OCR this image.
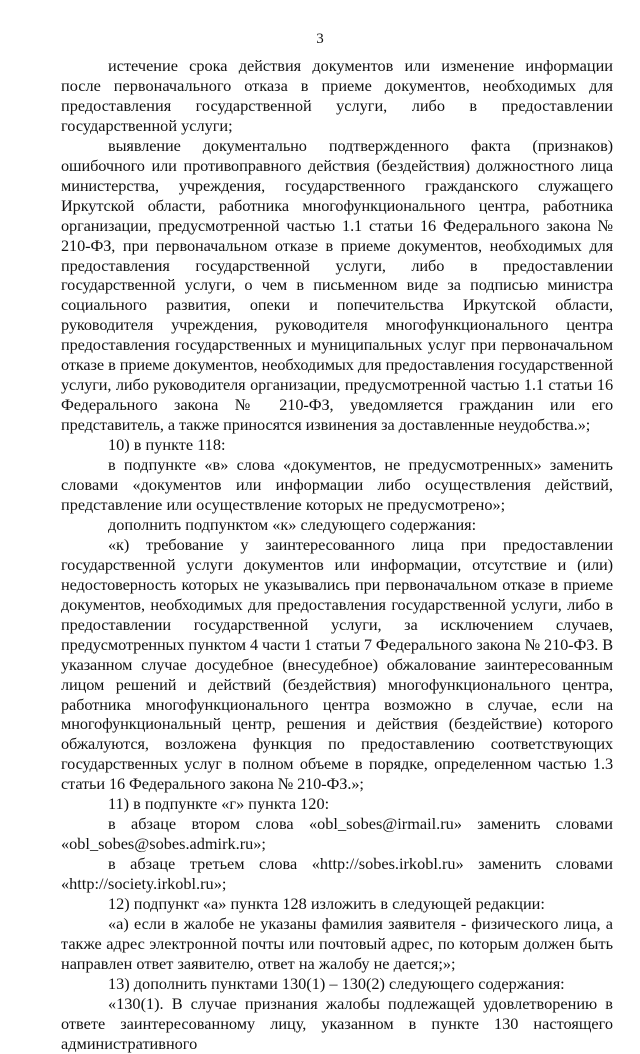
3

истечение срока действия документов или изменение информации после первоначального отказа в приеме документов, необходимых для предоставления государственной услуги, либо в предоставлении государственной услуги;

выявление документально подтвержденного факта (признаков) ошибочного или противоправного действия (бездействия) должностного лица министерства, учреждения, государственного гражданского служащего Иркутской области, работника многофункционального центра, работника организации, предусмотренной частью 1.1 статьи 16 Федерального закона № 210-ФЗ, при первоначальном отказе в приеме документов, необходимых для предоставления государственной услуги, либо в предоставлении государственной услуги, о чем в письменном виде за подписью министра социального развития, опеки и попечительства Иркутской области, руководителя учреждения, руководителя многофункционального центра предоставления государственных и муниципальных услуг при первоначальном отказе в приеме документов, необходимых для предоставления государственной услуги, либо руководителя организации, предусмотренной частью 1.1 статьи 16 Федерального закона № 210-ФЗ, уведомляется гражданин или его представитель, а также приносятся извинения за доставленные неудобства.»;

10) в пункте 118:

в подпункте «в» слова «документов, не предусмотренных» заменить словами «документов или информации либо осуществления действий, представление или осуществление которых не предусмотрено»;

дополнить подпунктом «к» следующего содержания:

«к) требование у заинтересованного лица при предоставлении государственной услуги документов или информации, отсутствие и (или) недостоверность которых не указывались при первоначальном отказе в приеме документов, необходимых для предоставления государственной услуги, либо в предоставлении государственной услуги, за исключением случаев, предусмотренных пунктом 4 части 1 статьи 7 Федерального закона № 210-ФЗ. В указанном случае досудебное (внесудебное) обжалование заинтересованным лицом решений и действий (бездействия) многофункционального центра, работника многофункционального центра возможно в случае, если на многофункциональный центр, решения и действия (бездействие) которого обжалуются, возложена функция по предоставлению соответствующих государственных услуг в полном объеме в порядке, определенном частью 1.3 статьи 16 Федерального закона № 210-ФЗ.»;

11) в подпункте «г» пункта 120:

в абзаце втором слова «obl_sobes@irmail.ru» заменить словами «obl_sobes@sobes.admirk.ru»;

в абзаце третьем слова «http://sobes.irkobl.ru» заменить словами «http://society.irkobl.ru»;

12) подпункт «а» пункта 128 изложить в следующей редакции:

«а) если в жалобе не указаны фамилия заявителя - физического лица, а также адрес электронной почты или почтовый адрес, по которым должен быть направлен ответ заявителю, ответ на жалобу не дается;»;

13) дополнить пунктами 130(1) – 130(2) следующего содержания:

«130(1). В случае признания жалобы подлежащей удовлетворению в ответе заинтересованному лицу, указанном в пункте 130 настоящего административного
